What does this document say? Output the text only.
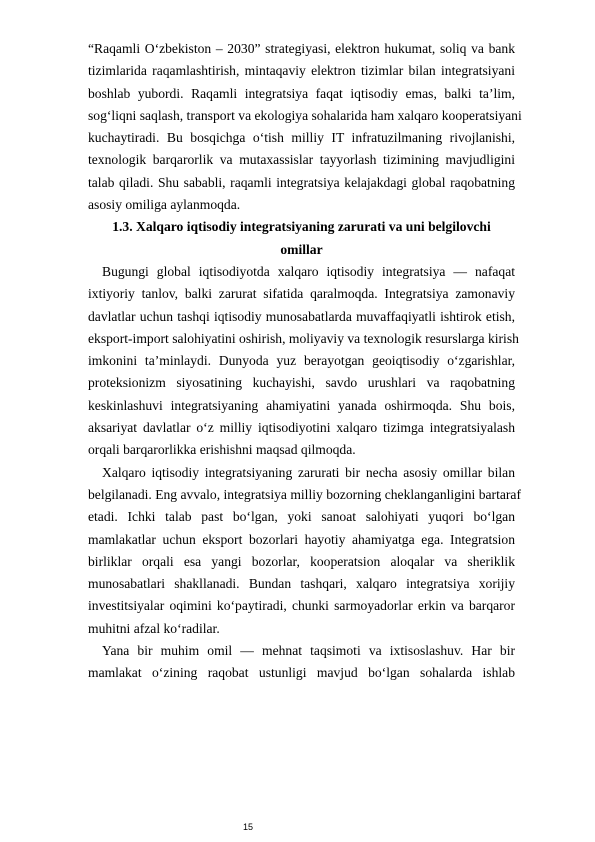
“Raqamli O‘zbekiston – 2030” strategiyasi, elektron hukumat, soliq va bank
tizimlarida raqamlashtirish, mintaqaviy elektron tizimlar bilan integratsiyani
boshlab yubordi. Raqamli integratsiya faqat iqtisodiy emas, balki ta’lim,
sog‘liqni saqlash, transport va ekologiya sohalarida ham xalqaro kooperatsiyani
kuchaytiradi. Bu bosqichga o‘tish milliy IT infratuzilmaning rivojlanishi,
texnologik barqarorlik va mutaxassislar tayyorlash tizimining mavjudligini
talab qiladi. Shu sababli, raqamli integratsiya kelajakdagi global raqobatning
asosiy omiliga aylanmoqda.
1.3. Xalqaro iqtisodiy integratsiyaning zarurati va uni belgilovchi
omillar
Bugungi global iqtisodiyotda xalqaro iqtisodiy integratsiya — nafaqat
ixtiyoriy tanlov, balki zarurat sifatida qaralmoqda. Integratsiya zamonaviy
davlatlar uchun tashqi iqtisodiy munosabatlarda muvaffaqiyatli ishtirok etish,
eksport-import salohiyatini oshirish, moliyaviy va texnologik resurslarga kirish
imkonini ta’minlaydi. Dunyoda yuz berayotgan geoiqtisodiy o‘zgarishlar,
proteksionizm siyosatining kuchayishi, savdo urushlari va raqobatning
keskinlashuvi integratsiyaning ahamiyatini yanada oshirmoqda. Shu bois,
aksariyat davlatlar o‘z milliy iqtisodiyotini xalqaro tizimga integratsiyalash
orqali barqarorlikka erishishni maqsad qilmoqda.
Xalqaro iqtisodiy integratsiyaning zarurati bir necha asosiy omillar bilan
belgilanadi. Eng avvalo, integratsiya milliy bozorning cheklanganligini bartaraf
etadi. Ichki talab past bo‘lgan, yoki sanoat salohiyati yuqori bo‘lgan
mamlakatlar uchun eksport bozorlari hayotiy ahamiyatga ega. Integratsion
birliklar orqali esa yangi bozorlar, kooperatsion aloqalar va sheriklik
munosabatlari shakllanadi. Bundan tashqari, xalqaro integratsiya xorijiy
investitsiyalar oqimini ko‘paytiradi, chunki sarmoyadorlar erkin va barqaror
muhitni afzal ko‘radilar.
Yana bir muhim omil — mehnat taqsimoti va ixtisoslashuv. Har bir
mamlakat o‘zining raqobat ustunligi mavjud bo‘lgan sohalarda ishlab
15
